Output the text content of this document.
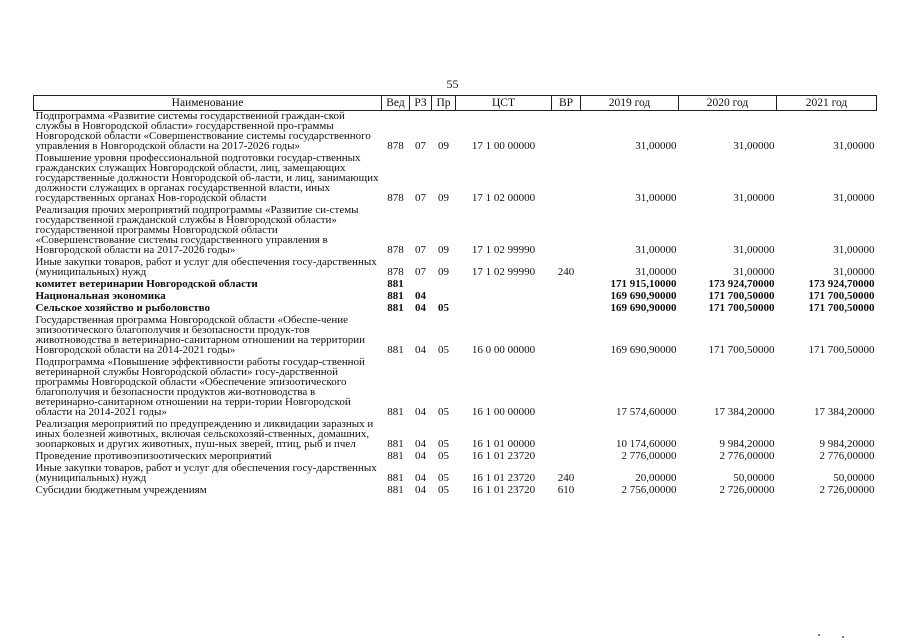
55
Наименование	Вед	РЗ	Пр	ЦСТ	ВР	2019 год	2020 год	2021 год
Подпрограмма «Развитие системы государственной граждан-ской службы в Новгородской области» государственной про-граммы Новгородской области «Совершенствование системы государственного управления в Новгородской области на 2017-2026 годы»	878	07	09	17 1 00 00000		31,00000	31,00000	31,00000
Повышение уровня профессиональной подготовки государ-ственных гражданских служащих Новгородской области, лиц, замещающих государственные должности Новгородской об-ласти, и лиц, занимающих должности служащих в органах государственной власти, иных государственных органах Нов-городской области	878	07	09	17 1 02 00000		31,00000	31,00000	31,00000
Реализация прочих мероприятий подпрограммы «Развитие си-стемы государственной гражданской службы в Новгородской области» государственной программы Новгородской области «Совершенствование системы государственного управления в Новгородской области на 2017-2026 годы»	878	07	09	17 1 02 99990		31,00000	31,00000	31,00000
Иные закупки товаров, работ и услуг для обеспечения госу-дарственных (муниципальных) нужд	878	07	09	17 1 02 99990	240	31,00000	31,00000	31,00000
комитет ветеринарии Новгородской области	881					171 915,10000	173 924,70000	173 924,70000
Национальная экономика	881	04				169 690,90000	171 700,50000	171 700,50000
Сельское хозяйство и рыболовство	881	04	05			169 690,90000	171 700,50000	171 700,50000
Государственная программа Новгородской области «Обеспе-чение эпизоотического благополучия и безопасности продук-тов животноводства в ветеринарно-санитарном отношении на территории Новгородской области на 2014-2021 годы»	881	04	05	16 0 00 00000		169 690,90000	171 700,50000	171 700,50000
Подпрограмма «Повышение эффективности работы государ-ственной ветеринарной службы Новгородской области» госу-дарственной программы Новгородской области «Обеспечение эпизоотического благополучия и безопасности продуктов жи-вотноводства в ветеринарно-санитарном отношении на терри-тории Новгородской области на 2014-2021 годы»	881	04	05	16 1 00 00000		17 574,60000	17 384,20000	17 384,20000
Реализация мероприятий по предупреждению и ликвидации заразных и иных болезней животных, включая сельскохозяй-ственных, домашних, зоопарковых и других животных, пуш-ных зверей, птиц, рыб и пчел	881	04	05	16 1 01 00000		10 174,60000	9 984,20000	9 984,20000
Проведение противоэпизоотических мероприятий	881	04	05	16 1 01 23720		2 776,00000	2 776,00000	2 776,00000
Иные закупки товаров, работ и услуг для обеспечения госу-дарственных (муниципальных) нужд	881	04	05	16 1 01 23720	240	20,00000	50,00000	50,00000
Субсидии бюджетным учреждениям	881	04	05	16 1 01 23720	610	2 756,00000	2 726,00000	2 726,00000
